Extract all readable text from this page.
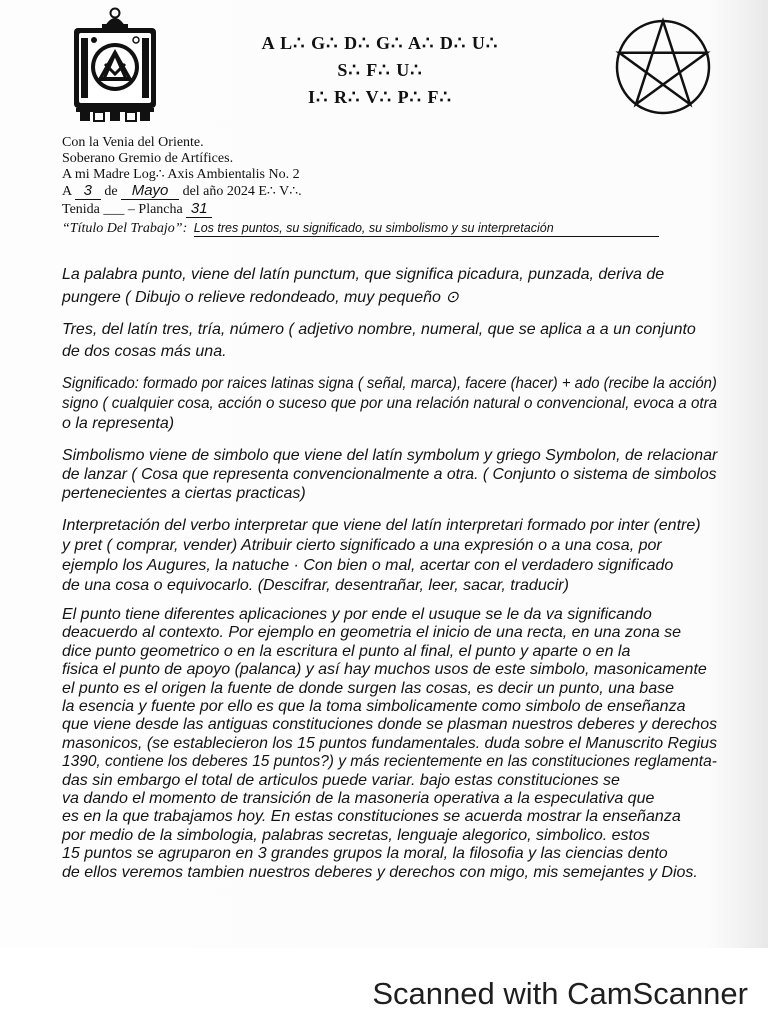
A L∴ G∴ D∴ G∴ A∴ D∴ U∴
S∴ F∴ U∴
I∴ R∴ V∴ P∴ F∴
Con la Venia del Oriente.
Soberano Gremio de Artífices.
A mi Madre Log∴ Axis Ambientalis No. 2
A 3 de Mayo del año 2024 E∴ V∴.
Tenida ___ – Plancha 31
“Título Del Trabajo”: Los tres puntos, su significado, su simbolismo y su interpretación
La palabra punto, viene del latín punctum, que significa picadura, punzada, deriva de
pungere ( Dibujo o relieve redondeado, muy pequeño ⊙
Tres, del latín tres, tría, número ( adjetivo nombre, numeral, que se aplica a a un conjunto
de dos cosas más una.
Significado: formado por raices latinas signa ( señal, marca), facere (hacer) + ado (recibe la acción)
signo ( cualquier cosa, acción o suceso que por una relación natural o convencional, evoca a otra
o la representa)
Simbolismo viene de simbolo que viene del latín symbolum y griego Symbolon, de relacionar
de lanzar ( Cosa que representa convencionalmente a otra. ( Conjunto o sistema de simbolos
pertenecientes a ciertas practicas)
Interpretación del verbo interpretar que viene del latín interpretari formado por inter (entre)
y pret ( comprar, vender) Atribuir cierto significado a una expresión o a una cosa, por
ejemplo los Augures, la natuche · Con bien o mal, acertar con el verdadero significado
de una cosa o equivocarlo. (Descifrar, desentrañar, leer, sacar, traducir)
El punto tiene diferentes aplicaciones y por ende el usuque se le da va significando
deacuerdo al contexto. Por ejemplo en geometria el inicio de una recta, en una zona se
dice punto geometrico o en la escritura el punto al final, el punto y aparte o en la
fisica el punto de apoyo (palanca) y así hay muchos usos de este simbolo, masonicamente
el punto es el origen la fuente de donde surgen las cosas, es decir un punto, una base
la esencia y fuente por ello es que la toma simbolicamente como simbolo de enseñanza
que viene desde las antiguas constituciones donde se plasman nuestros deberes y derechos
masonicos, (se establecieron los 15 puntos fundamentales. duda sobre el Manuscrito Regius
1390, contiene los deberes 15 puntos?) y más recientemente en las constituciones reglamenta-
das sin embargo el total de articulos puede variar. bajo estas constituciones se
va dando el momento de transición de la masoneria operativa a la especulativa que
es en la que trabajamos hoy. En estas constituciones se acuerda mostrar la enseñanza
por medio de la simbologia, palabras secretas, lenguaje alegorico, simbolico. estos
15 puntos se agruparon en 3 grandes grupos la moral, la filosofia y las ciencias dento
de ellos veremos tambien nuestros deberes y derechos con migo, mis semejantes y Dios.
Scanned with CamScanner
